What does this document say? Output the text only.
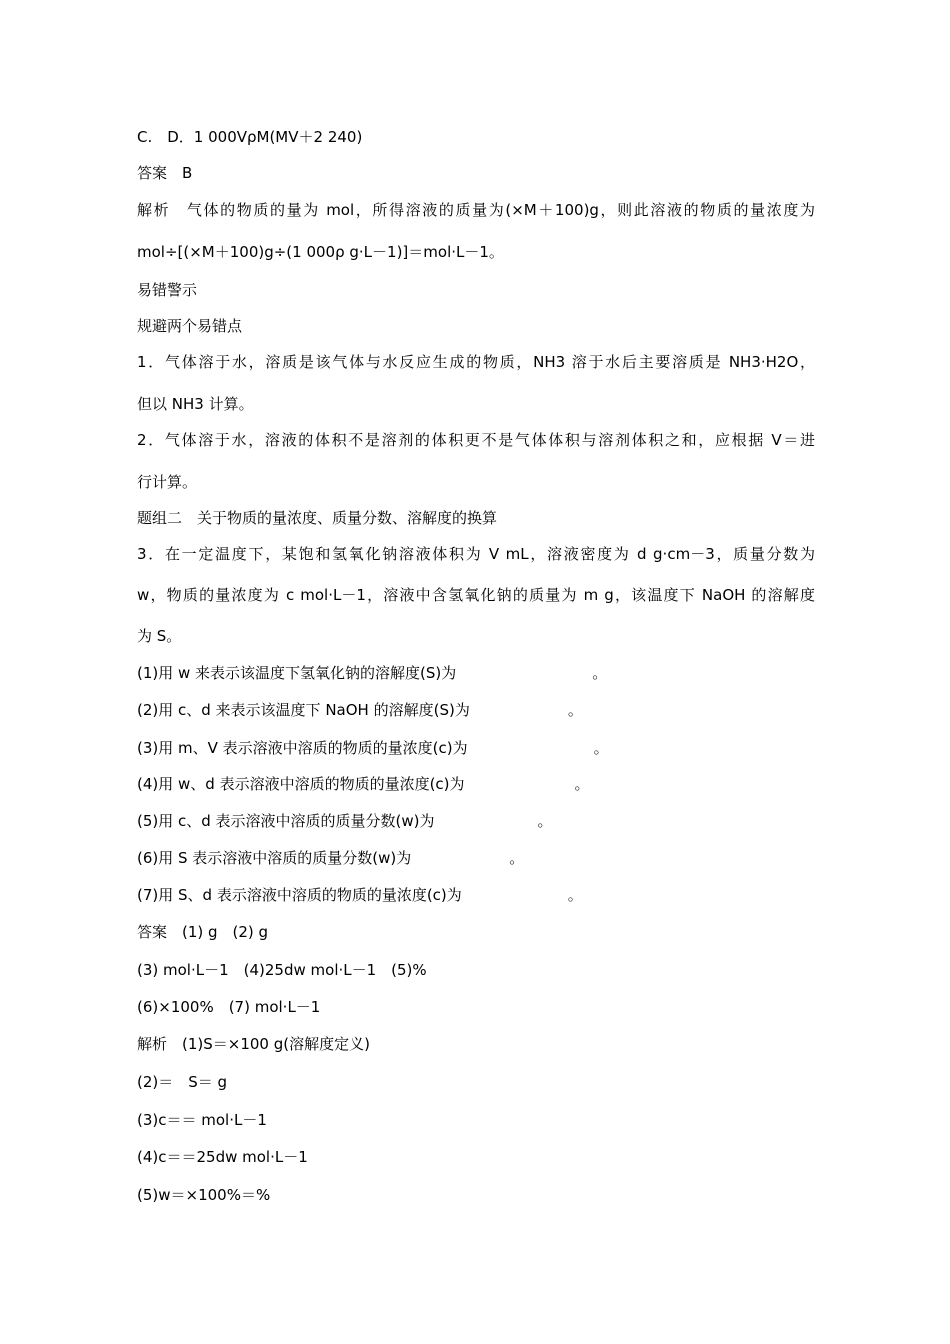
C.　D．1 000VρM(MV＋2 240)
答案　B
解析　气体的物质的量为 mol，所得溶液的质量为(×M＋100)g，则此溶液的物质的量浓度为
mol÷[(×M＋100)g÷(1 000ρ g·L－1)]＝mol·L－1。
易错警示
规避两个易错点
1．气体溶于水，溶质是该气体与水反应生成的物质，NH3 溶于水后主要溶质是 NH3·H2O，
但以 NH3 计算。
2．气体溶于水，溶液的体积不是溶剂的体积更不是气体体积与溶剂体积之和，应根据 V＝进
行计算。
题组二　关于物质的量浓度、质量分数、溶解度的换算
3．在一定温度下，某饱和氢氧化钠溶液体积为 V mL，溶液密度为 d g·cm－3，质量分数为
w，物质的量浓度为 c mol·L－1，溶液中含氢氧化钠的质量为 m g，该温度下 NaOH 的溶解度
为 S。
(1)用 w 来表示该温度下氢氧化钠的溶解度(S)为	。
(2)用 c、d 来表示该温度下 NaOH 的溶解度(S)为	。
(3)用 m、V 表示溶液中溶质的物质的量浓度(c)为	。
(4)用 w、d 表示溶液中溶质的物质的量浓度(c)为	。
(5)用 c、d 表示溶液中溶质的质量分数(w)为	。
(6)用 S 表示溶液中溶质的质量分数(w)为	。
(7)用 S、d 表示溶液中溶质的物质的量浓度(c)为	。
答案　(1) g　(2) g
(3) mol·L－1　(4)25dw mol·L－1　(5)%
(6)×100%　(7) mol·L－1
解析　(1)S＝×100 g(溶解度定义)
(2)＝　S＝ g
(3)c＝＝ mol·L－1
(4)c＝＝25dw mol·L－1
(5)w＝×100%＝%
